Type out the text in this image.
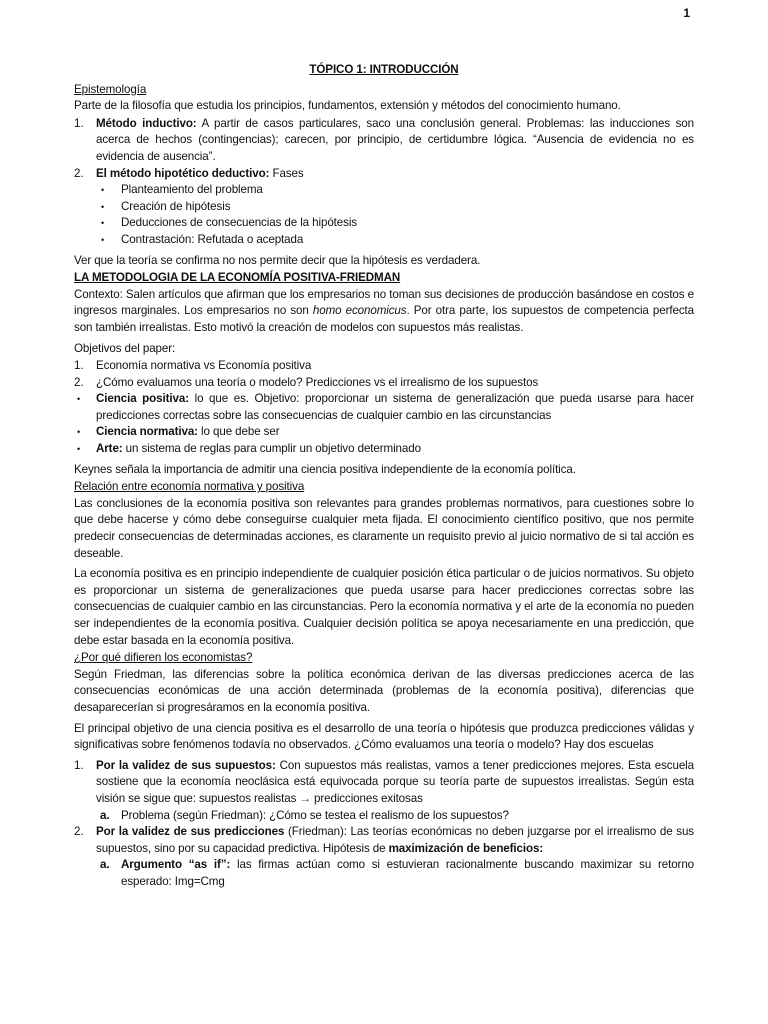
1
TÓPICO 1: INTRODUCCIÓN
Epistemología

Parte de la filosofía que estudia los principios, fundamentos, extensión y métodos del conocimiento humano.

1. Método inductivo: A partir de casos particulares, saco una conclusión general. Problemas: las inducciones son acerca de hechos (contingencias); carecen, por principio, de certidumbre lógica. “Ausencia de evidencia no es evidencia de ausencia”.
2. El método hipotético deductivo: Fases
• Planteamiento del problema
• Creación de hipótesis
• Deducciones de consecuencias de la hipótesis
• Contrastación: Refutada o aceptada

Ver que la teoría se confirma no nos permite decir que la hipótesis es verdadera.

LA METODOLOGIA DE LA ECONOMÍA POSITIVA-FRIEDMAN

Contexto: Salen artículos que afirman que los empresarios no toman sus decisiones de producción basándose en costos e ingresos marginales. Los empresarios no son homo economicus. Por otra parte, los supuestos de competencia perfecta son también irrealistas. Esto motivó la creación de modelos con supuestos más realistas.

Objetivos del paper:

1. Economía normativa vs Economía positiva
2. ¿Cómo evaluamos una teoría o modelo? Predicciones vs el irrealismo de los supuestos
• Ciencia positiva: lo que es. Objetivo: proporcionar un sistema de generalización que pueda usarse para hacer predicciones correctas sobre las consecuencias de cualquier cambio en las circunstancias
• Ciencia normativa: lo que debe ser
• Arte: un sistema de reglas para cumplir un objetivo determinado

Keynes señala la importancia de admitir una ciencia positiva independiente de la economía política.

Relación entre economía normativa y positiva

Las conclusiones de la economía positiva son relevantes para grandes problemas normativos, para cuestiones sobre lo que debe hacerse y cómo debe conseguirse cualquier meta fijada. El conocimiento científico positivo, que nos permite predecir consecuencias de determinadas acciones, es claramente un requisito previo al juicio normativo de si tal acción es deseable.

La economía positiva es en principio independiente de cualquier posición ética particular o de juicios normativos. Su objeto es proporcionar un sistema de generalizaciones que pueda usarse para hacer predicciones correctas sobre las consecuencias de cualquier cambio en las circunstancias. Pero la economía normativa y el arte de la economía no pueden ser independientes de la economía positiva. Cualquier decisión política se apoya necesariamente en una predicción, que debe estar basada en la economía positiva.

¿Por qué difieren los economistas?

Según Friedman, las diferencias sobre la política económica derivan de las diversas predicciones acerca de las consecuencias económicas de una acción determinada (problemas de la economía positiva), diferencias que desaparecerían si progresáramos en la economía positiva.

El principal objetivo de una ciencia positiva es el desarrollo de una teoría o hipótesis que produzca predicciones válidas y significativas sobre fenómenos todavía no observados. ¿Cómo evaluamos una teoría o modelo? Hay dos escuelas

1. Por la validez de sus supuestos: Con supuestos más realistas, vamos a tener predicciones mejores. Esta escuela sostiene que la economía neoclásica está equivocada porque su teoría parte de supuestos irrealistas. Según esta visión se sigue que: supuestos realistas → predicciones exitosas
a. Problema (según Friedman): ¿Cómo se testea el realismo de los supuestos?
2. Por la validez de sus predicciones (Friedman): Las teorías económicas no deben juzgarse por el irrealismo de sus supuestos, sino por su capacidad predictiva. Hipótesis de maximización de beneficios:
a. Argumento “as if”: las firmas actúan como si estuvieran racionalmente buscando maximizar su retorno esperado: Img=Cmg
